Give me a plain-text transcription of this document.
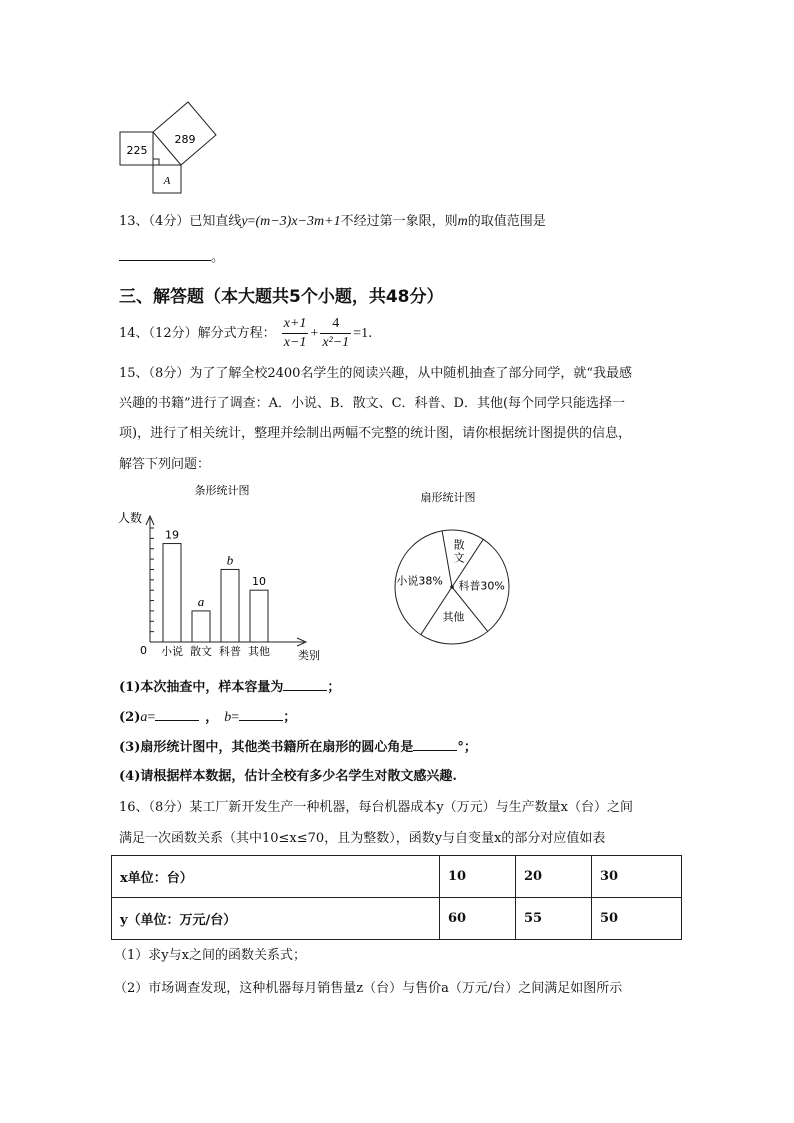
225
289
A
13、（4分）已知直线y=(m−3)x−3m+1不经过第一象限，则m的取值范围是
。
三、解答题（本大题共5个小题，共48分）
14、（12分）解分式方程： $\frac{x+1}{x-1} + \frac{4}{\text{x²−1}} =1$.
15、（8分）为了了解全校2400名学生的阅读兴趣，从中随机抽查了部分同学，就“我最感
兴趣的书籍”进行了调查：A．小说、B．散文、C．科普、D．其他(每个同学只能选择一
项)，进行了相关统计，整理并绘制出两幅不完整的统计图，请你根据统计图提供的信息，
解答下列问题：
条形统计图
人数
类别
0
19
小说
a
散文
b
科普
10
其他
扇形统计图
小说38%
散文
科普30%
其他
(1)本次抽查中，样本容量为	；
(2)a=	， b=	；
(3)扇形统计图中，其他类书籍所在扇形的圆心角是	°；
(4)请根据样本数据，估计全校有多少名学生对散文感兴趣.
16、（8分）某工厂新开发生产一种机器，每台机器成本y（万元）与生产数量x（台）之间
满足一次函数关系（其中10≤x≤70，且为整数），函数y与自变量x的部分对应值如表
x单位：台）	10	20	30
y（单位：万元/台）	60	55	50
（1）求y与x之间的函数关系式；
（2）市场调查发现，这种机器每月销售量z（台）与售价a（万元/台）之间满足如图所示
